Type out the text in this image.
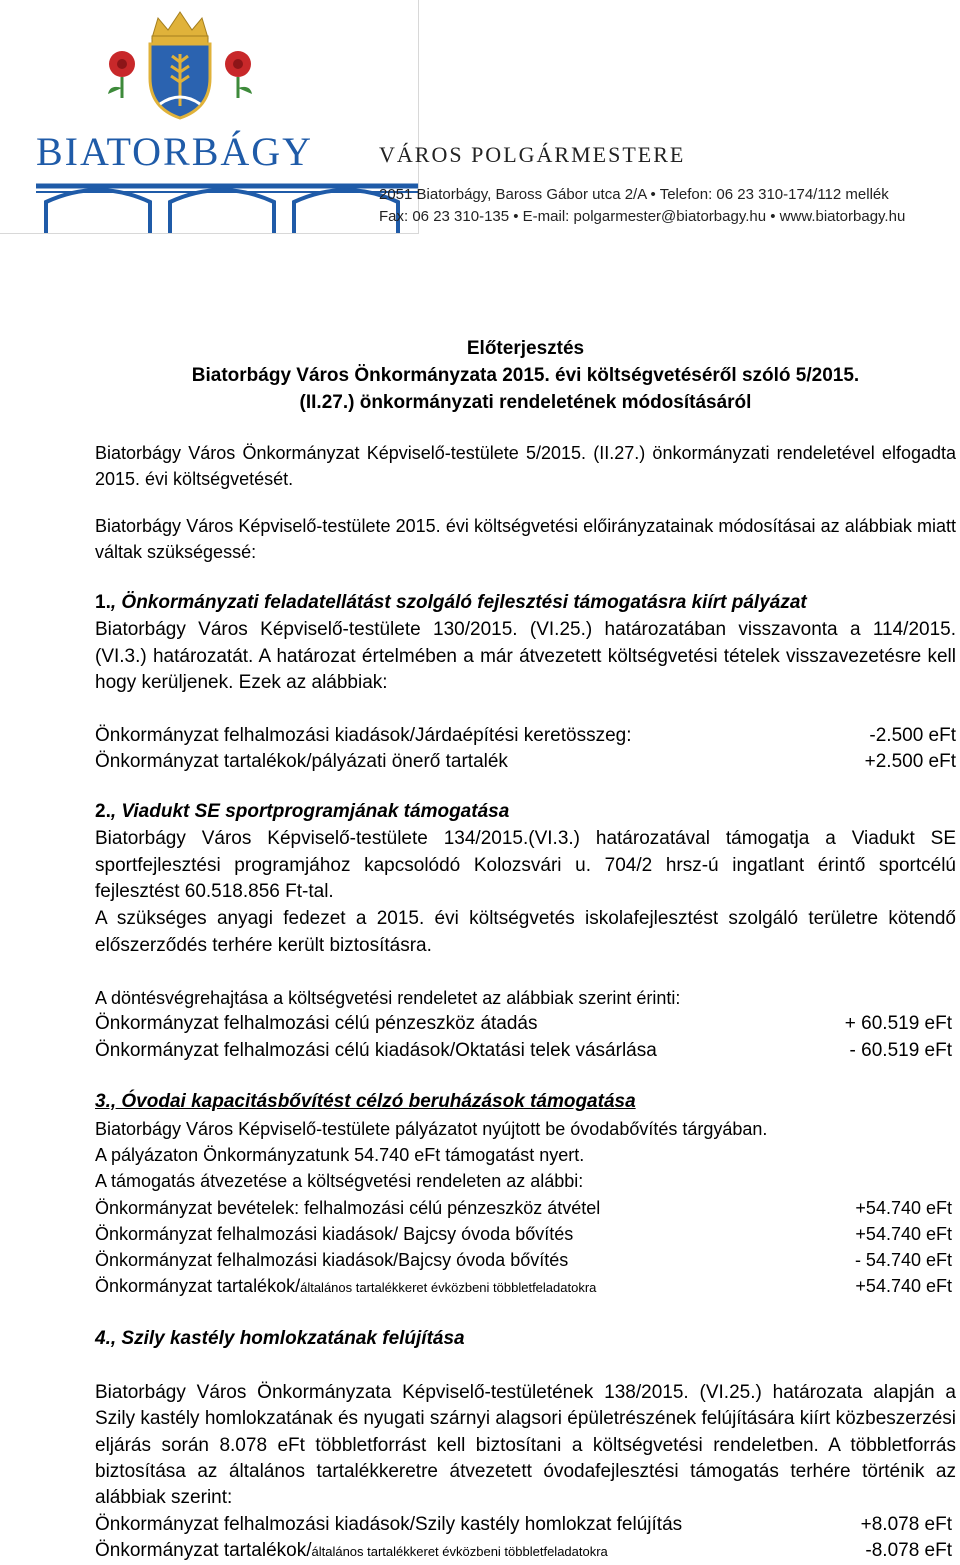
BIATORBÁGY	VÁROS POLGÁRMESTERE
2051 Biatorbágy, Baross Gábor utca 2/A • Telefon: 06 23 310-174/112 mellék
Fax: 06 23 310-135 • E-mail: polgarmester@biatorbagy.hu • www.biatorbagy.hu
Előterjesztés
Biatorbágy Város Önkormányzata 2015. évi költségvetéséről szóló 5/2015.
(II.27.) önkormányzati rendeletének módosításáról

Biatorbágy Város Önkormányzat Képviselő-testülete 5/2015. (II.27.) önkormányzati rendeletével elfogadta 2015. évi költségvetését.

Biatorbágy Város Képviselő-testülete 2015. évi költségvetési előirányzatainak módosításai az alábbiak miatt váltak szükségessé:

1., Önkormányzati feladatellátást szolgáló fejlesztési támogatásra kiírt pályázat

Biatorbágy Város Képviselő-testülete 130/2015. (VI.25.) határozatában visszavonta a 114/2015. (VI.3.) határozatát. A határozat értelmében a már átvezetett költségvetési tételek visszavezetésre kell hogy kerüljenek. Ezek az alábbiak:

Önkormányzat felhalmozási kiadások/Járdaépítési keretösszeg:	-2.500 eFt
Önkormányzat tartalékok/pályázati önerő tartalék	+2.500 eFt
2., Viadukt SE sportprogramjának támogatása

Biatorbágy Város Képviselő-testülete 134/2015.(VI.3.) határozatával támogatja a Viadukt SE sportfejlesztési programjához kapcsolódó Kolozsvári u. 704/2 hrsz-ú ingatlant érintő sportcélú fejlesztést 60.518.856 Ft-tal.

A szükséges anyagi fedezet a 2015. évi költségvetés iskolafejlesztést szolgáló területre kötendő előszerződés terhére került biztosításra.

A döntésvégrehajtása a költségvetési rendeletet az alábbiak szerint érinti:

Önkormányzat felhalmozási célú pénzeszköz átadás	+ 60.519 eFt
Önkormányzat felhalmozási célú kiadások/Oktatási telek vásárlása	- 60.519 eFt
3., Óvodai kapacitásbővítést célzó beruházások támogatása

Biatorbágy Város Képviselő-testülete pályázatot nyújtott be óvodabővítés tárgyában.

A pályázaton Önkormányzatunk 54.740 eFt támogatást nyert.

A támogatás átvezetése a költségvetési rendeleten az alábbi:

Önkormányzat bevételek: felhalmozási célú pénzeszköz átvétel	+54.740 eFt
Önkormányzat felhalmozási kiadások/ Bajcsy óvoda bővítés	+54.740 eFt
Önkormányzat felhalmozási kiadások/Bajcsy óvoda bővítés	- 54.740 eFt
Önkormányzat tartalékok/általános tartalékkeret évközbeni többletfeladatokra	+54.740 eFt
4., Szily kastély homlokzatának felújítása

Biatorbágy Város Önkormányzata Képviselő-testületének 138/2015. (VI.25.) határozata alapján a Szily kastély homlokzatának és nyugati szárnyi alagsori épületrészének felújítására kiírt közbeszerzési eljárás során 8.078 eFt többletforrást kell biztosítani a költségvetési rendeletben. A többletforrás biztosítása az általános tartalékkeretre átvezetett óvodafejlesztési támogatás terhére történik az alábbiak szerint:

Önkormányzat felhalmozási kiadások/Szily kastély homlokzat felújítás	+8.078 eFt
Önkormányzat tartalékok/általános tartalékkeret évközbeni többletfeladatokra	-8.078 eFt
